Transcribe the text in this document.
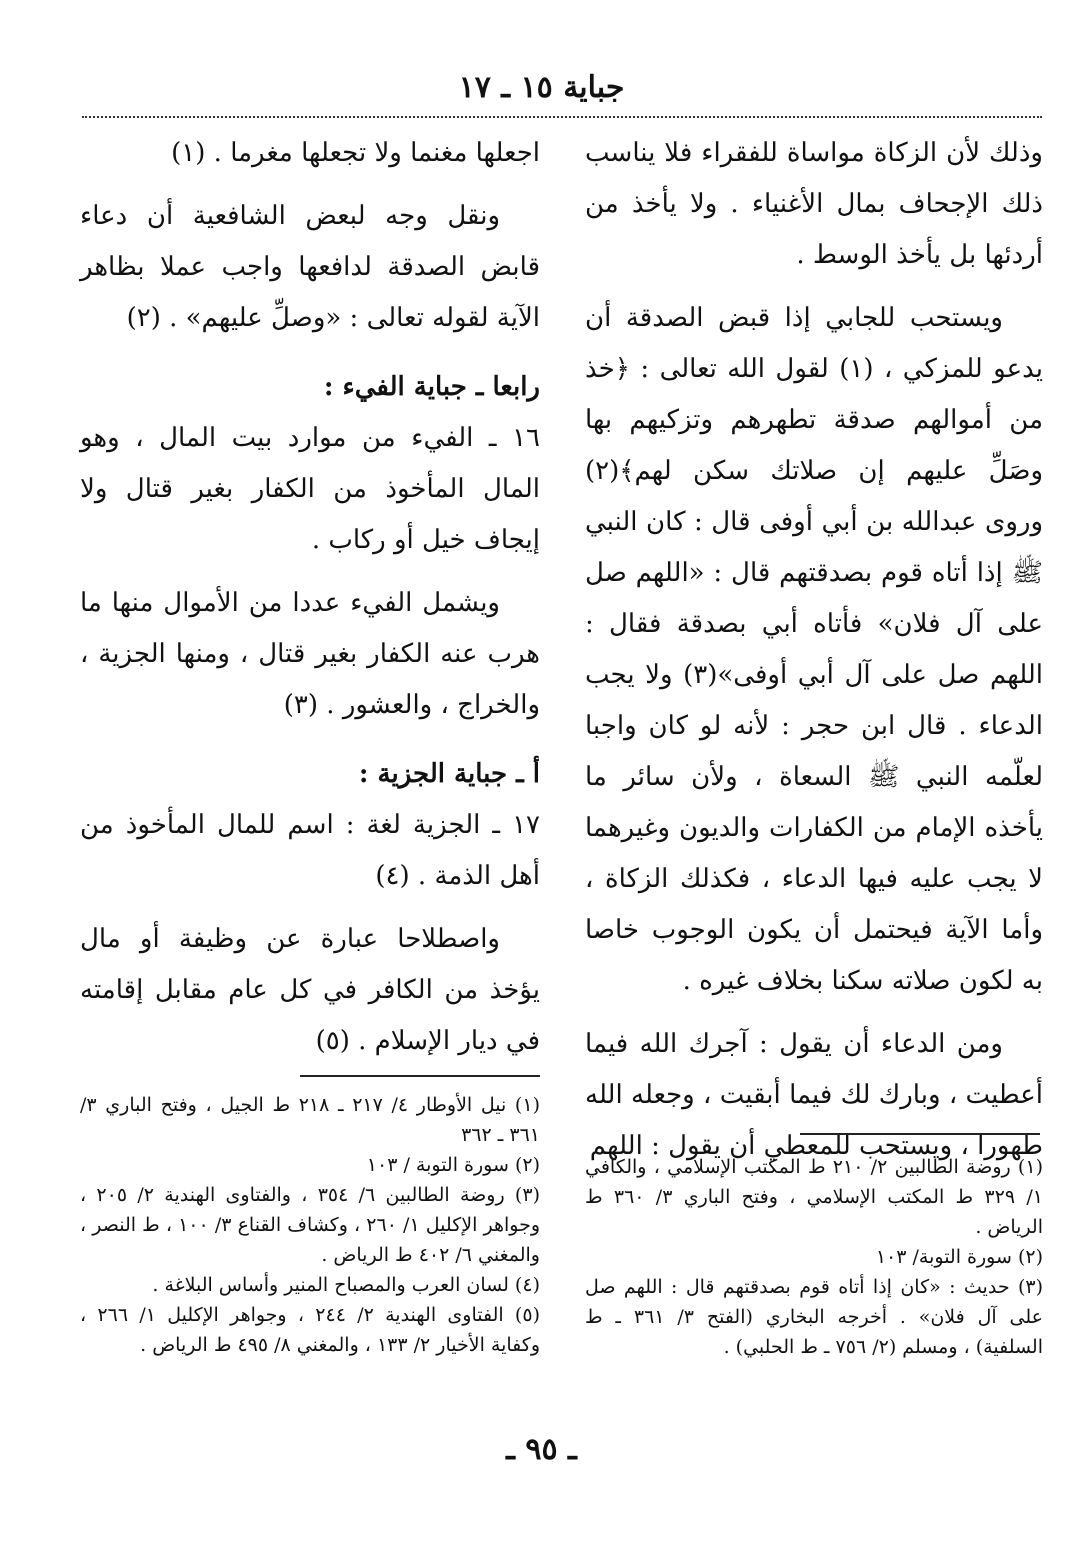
جباية ١٥ ـ ١٧

وذلك لأن الزكاة مواساة للفقراء فلا يناسب ذلك الإجحاف بمال الأغنياء . ولا يأخذ من أردئها بل يأخذ الوسط .

ويستحب للجابي إذا قبض الصدقة أن يدعو للمزكي ، (١) لقول الله تعالى : ﴿خذ من أموالهم صدقة تطهرهم وتزكيهم بها وصَلِّ عليهم إن صلاتك سكن لهم﴾(٢) وروى عبدالله بن أبي أوفى قال : كان النبي ﷺ إذا أتاه قوم بصدقتهم قال : «اللهم صل على آل فلان» فأتاه أبي بصدقة فقال : اللهم صل على آل أبي أوفى»(٣) ولا يجب الدعاء . قال ابن حجر : لأنه لو كان واجبا لعلّمه النبي ﷺ السعاة ، ولأن سائر ما يأخذه الإمام من الكفارات والديون وغيرهما لا يجب عليه فيها الدعاء ، فكذلك الزكاة ، وأما الآية فيحتمل أن يكون الوجوب خاصا به لكون صلاته سكنا بخلاف غيره .

ومن الدعاء أن يقول : آجرك الله فيما أعطيت ، وبارك لك فيما أبقيت ، وجعله الله طهورا ، ويستحب للمعطي أن يقول : اللهم

اجعلها مغنما ولا تجعلها مغرما . (١)

ونقل وجه لبعض الشافعية أن دعاء قابض الصدقة لدافعها واجب عملا بظاهر الآية لقوله تعالى : «وصلِّ عليهم» . (٢)

رابعا ـ جباية الفيء :

١٦ ـ الفيء من موارد بيت المال ، وهو المال المأخوذ من الكفار بغير قتال ولا إيجاف خيل أو ركاب .

ويشمل الفيء عددا من الأموال منها ما هرب عنه الكفار بغير قتال ، ومنها الجزية ، والخراج ، والعشور . (٣)

أ ـ جباية الجزية :

١٧ ـ الجزية لغة : اسم للمال المأخوذ من أهل الذمة . (٤)

واصطلاحا عبارة عن وظيفة أو مال يؤخذ من الكافر في كل عام مقابل إقامته في ديار الإسلام . (٥)

(١) روضة الطالبين ٢/ ٢١٠ ط المكتب الإسلامي ، والكافي ١/ ٣٢٩ ط المكتب الإسلامي ، وفتح الباري ٣/ ٣٦٠ ط الرياض .
(٢) سورة التوبة/ ١٠٣
(٣) حديث : «كان إذا أتاه قوم بصدقتهم قال : اللهم صل على آل فلان» . أخرجه البخاري (الفتح ٣/ ٣٦١ ـ ط السلفية) ، ومسلم (٢/ ٧٥٦ ـ ط الحلبي) .
(١) نيل الأوطار ٤/ ٢١٧ ـ ٢١٨ ط الجيل ، وفتح الباري ٣/ ٣٦١ ـ ٣٦٢
(٢) سورة التوبة / ١٠٣
(٣) روضة الطالبين ٦/ ٣٥٤ ، والفتاوى الهندية ٢/ ٢٠٥ ، وجواهر الإكليل ١/ ٢٦٠ ، وكشاف القناع ٣/ ١٠٠ ، ط النصر ، والمغني ٦/ ٤٠٢ ط الرياض .
(٤) لسان العرب والمصباح المنير وأساس البلاغة .
(٥) الفتاوى الهندية ٢/ ٢٤٤ ، وجواهر الإكليل ١/ ٢٦٦ ، وكفاية الأخيار ٢/ ١٣٣ ، والمغني ٨/ ٤٩٥ ط الرياض .
ـ ٩٥ ـ
